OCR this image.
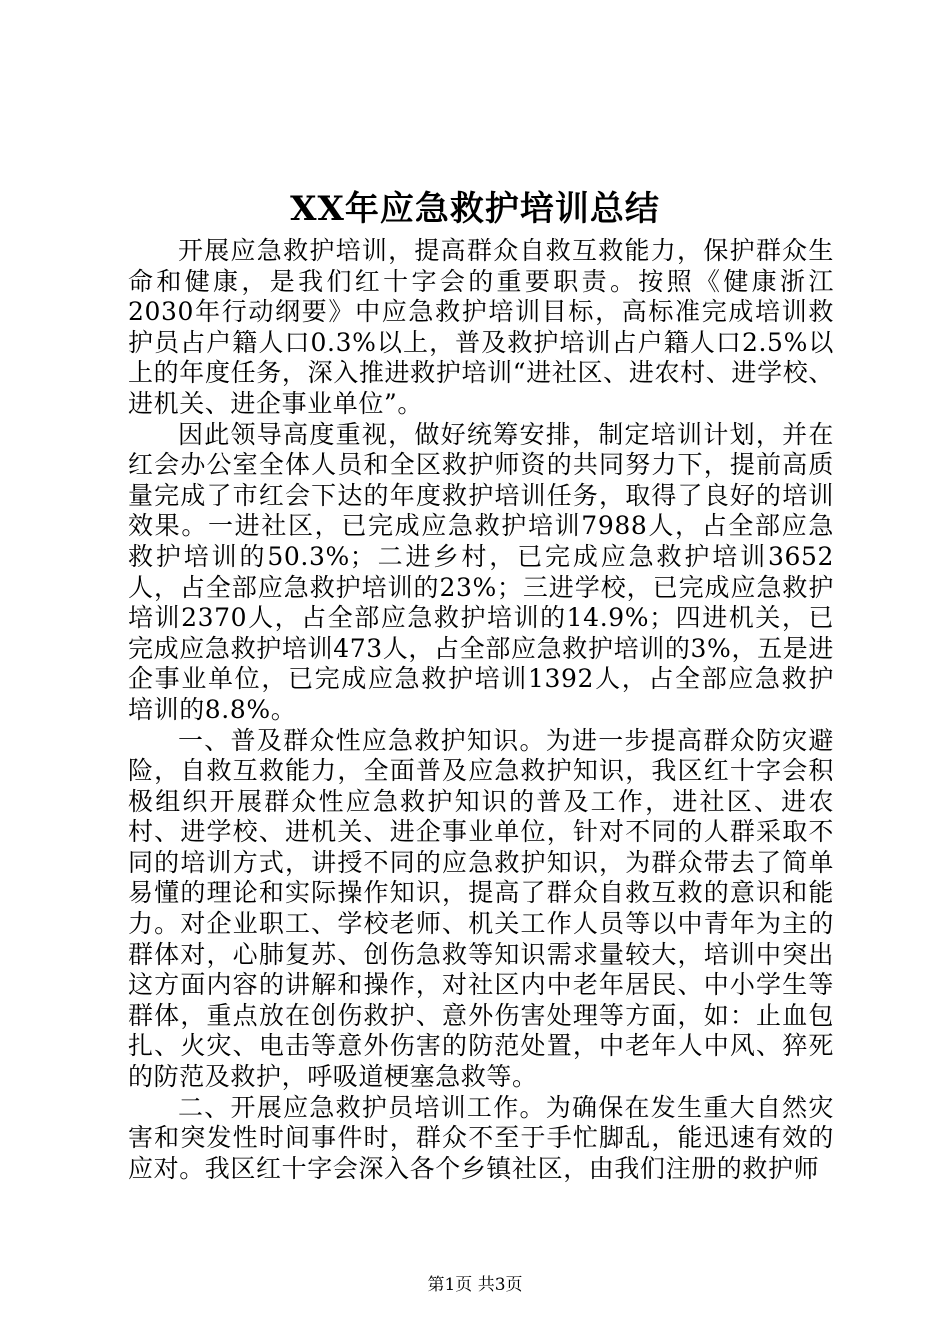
XX年应急救护培训总结

开展应急救护培训，提高群众自救互救能力，保护群众生命和健康，是我们红十字会的重要职责。按照《健康浙江2030年行动纲要》中应急救护培训目标，高标准完成培训救护员占户籍人口0.3%以上，普及救护培训占户籍人口2.5%以上的年度任务，深入推进救护培训“进社区、进农村、进学校、进机关、进企事业单位”。

因此领导高度重视，做好统筹安排，制定培训计划，并在红会办公室全体人员和全区救护师资的共同努力下，提前高质量完成了市红会下达的年度救护培训任务，取得了良好的培训效果。一进社区，已完成应急救护培训7988人，占全部应急救护培训的50.3%；二进乡村，已完成应急救护培训3652人，占全部应急救护培训的23%；三进学校，已完成应急救护培训2370人，占全部应急救护培训的14.9%；四进机关，已完成应急救护培训473人，占全部应急救护培训的3%，五是进企事业单位，已完成应急救护培训1392人，占全部应急救护培训的8.8%。

一、普及群众性应急救护知识。为进一步提高群众防灾避险，自救互救能力，全面普及应急救护知识，我区红十字会积极组织开展群众性应急救护知识的普及工作，进社区、进农村、进学校、进机关、进企事业单位，针对不同的人群采取不同的培训方式，讲授不同的应急救护知识，为群众带去了简单易懂的理论和实际操作知识，提高了群众自救互救的意识和能力。对企业职工、学校老师、机关工作人员等以中青年为主的群体对，心肺复苏、创伤急救等知识需求量较大，培训中突出这方面内容的讲解和操作，对社区内中老年居民、中小学生等群体，重点放在创伤救护、意外伤害处理等方面，如：止血包扎、火灾、电击等意外伤害的防范处置，中老年人中风、猝死的防范及救护，呼吸道梗塞急救等。

二、开展应急救护员培训工作。为确保在发生重大自然灾害和突发性时间事件时，群众不至于手忙脚乱，能迅速有效的应对。我区红十字会深入各个乡镇社区，由我们注册的救护师

第1页 共3页
